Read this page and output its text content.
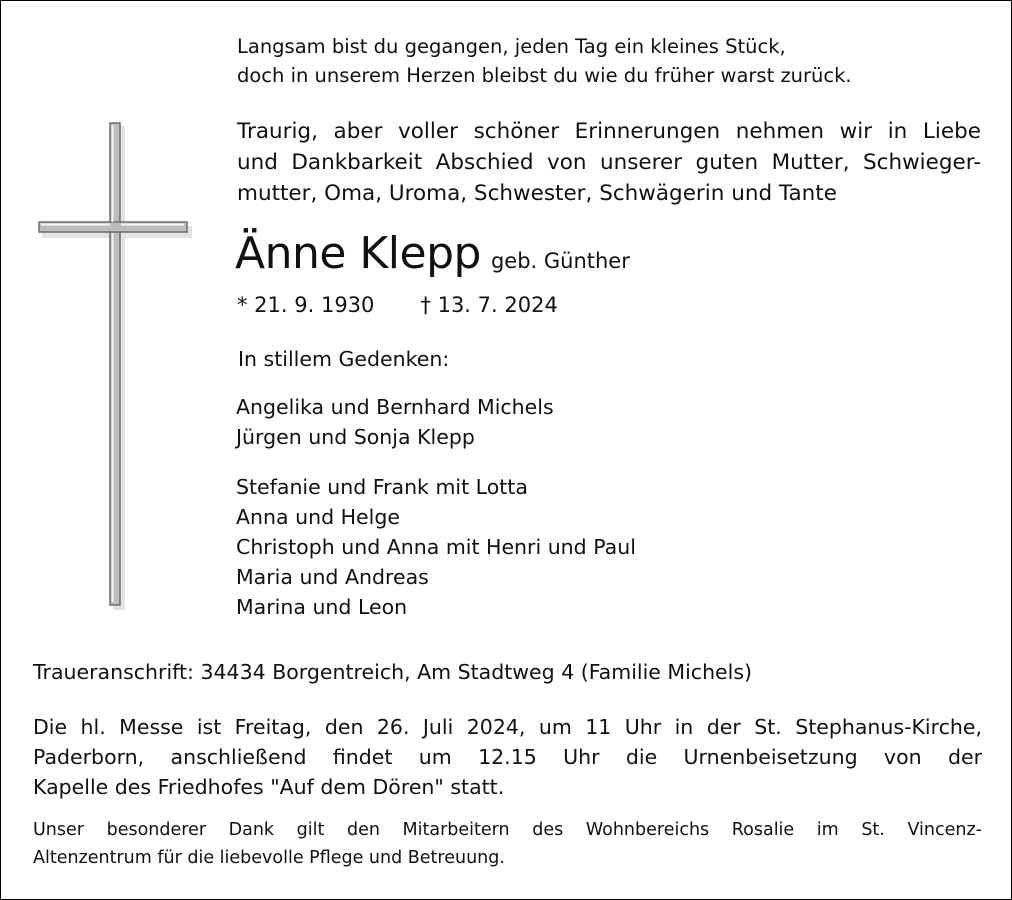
Langsam bist du gegangen, jeden Tag ein kleines Stück,
doch in unserem Herzen bleibst du wie du früher warst zurück.
Traurig, aber voller schöner Erinnerungen nehmen wir in Liebe
und Dankbarkeit Abschied von unserer guten Mutter, Schwieger-
mutter, Oma, Uroma, Schwester, Schwägerin und Tante
Änne Klepp geb. Günther
* 21. 9. 1930 † 13. 7. 2024
In stillem Gedenken:
Angelika und Bernhard Michels
Jürgen und Sonja Klepp
Stefanie und Frank mit Lotta
Anna und Helge
Christoph und Anna mit Henri und Paul
Maria und Andreas
Marina und Leon
Traueranschrift: 34434 Borgentreich, Am Stadtweg 4 (Familie Michels)
Die hl. Messe ist Freitag, den 26. Juli 2024, um 11 Uhr in der St. Stephanus-Kirche,
Paderborn, anschließend findet um 12.15 Uhr die Urnenbeisetzung von der
Kapelle des Friedhofes "Auf dem Dören" statt.
Unser besonderer Dank gilt den Mitarbeitern des Wohnbereichs Rosalie im St. Vincenz-
Altenzentrum für die liebevolle Pflege und Betreuung.
